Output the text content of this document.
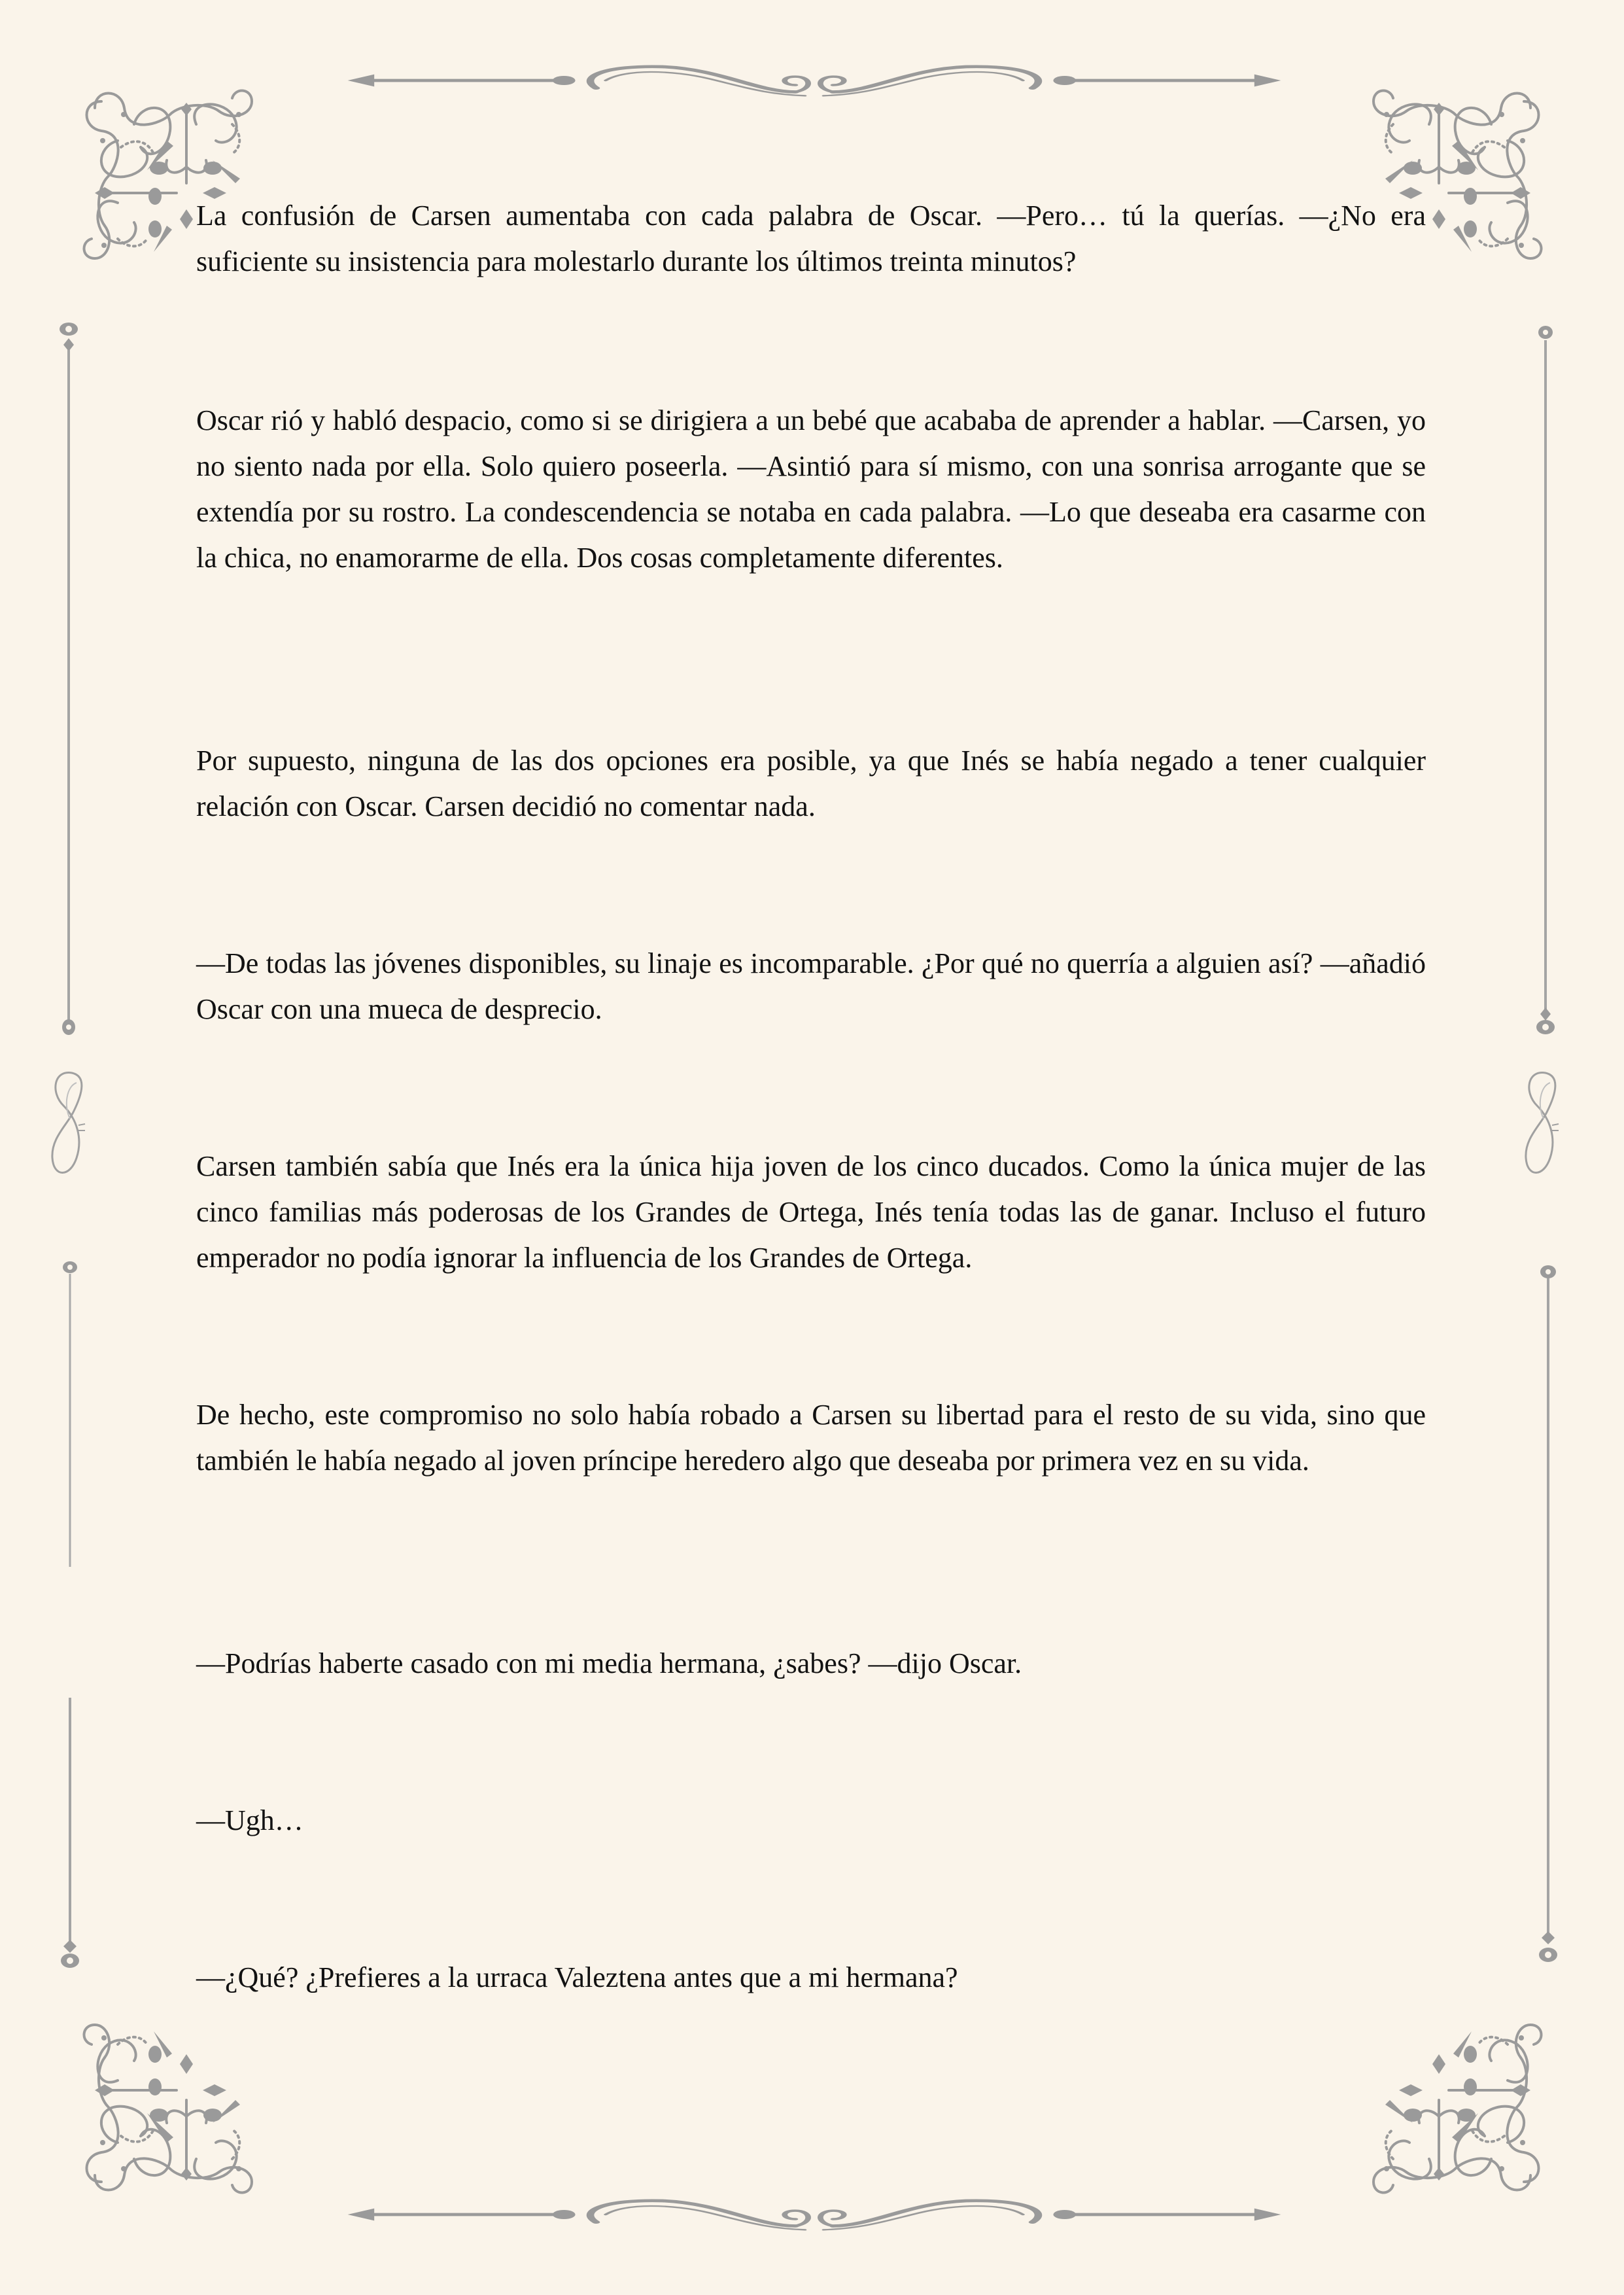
La confusión de Carsen aumentaba con cada palabra de Oscar. —Pero… tú la querías. —¿No era suficiente su insistencia para molestarlo durante los últimos treinta minutos?

Oscar rió y habló despacio, como si se dirigiera a un bebé que acababa de aprender a hablar. —Carsen, yo no siento nada por ella. Solo quiero poseerla. —Asintió para sí mismo, con una sonrisa arrogante que se extendía por su rostro. La condescendencia se notaba en cada palabra. —Lo que deseaba era casarme con la chica, no enamorarme de ella. Dos cosas completamente diferentes.

Por supuesto, ninguna de las dos opciones era posible, ya que Inés se había negado a tener cualquier relación con Oscar. Carsen decidió no comentar nada.

—De todas las jóvenes disponibles, su linaje es incomparable. ¿Por qué no querría a alguien así? —añadió Oscar con una mueca de desprecio.

Carsen también sabía que Inés era la única hija joven de los cinco ducados. Como la única mujer de las cinco familias más poderosas de los Grandes de Ortega, Inés tenía todas las de ganar. Incluso el futuro emperador no podía ignorar la influencia de los Grandes de Ortega.

De hecho, este compromiso no solo había robado a Carsen su libertad para el resto de su vida, sino que también le había negado al joven príncipe heredero algo que deseaba por primera vez en su vida.

—Podrías haberte casado con mi media hermana, ¿sabes? —dijo Oscar.

—Ugh…

—¿Qué? ¿Prefieres a la urraca Valeztena antes que a mi hermana?
